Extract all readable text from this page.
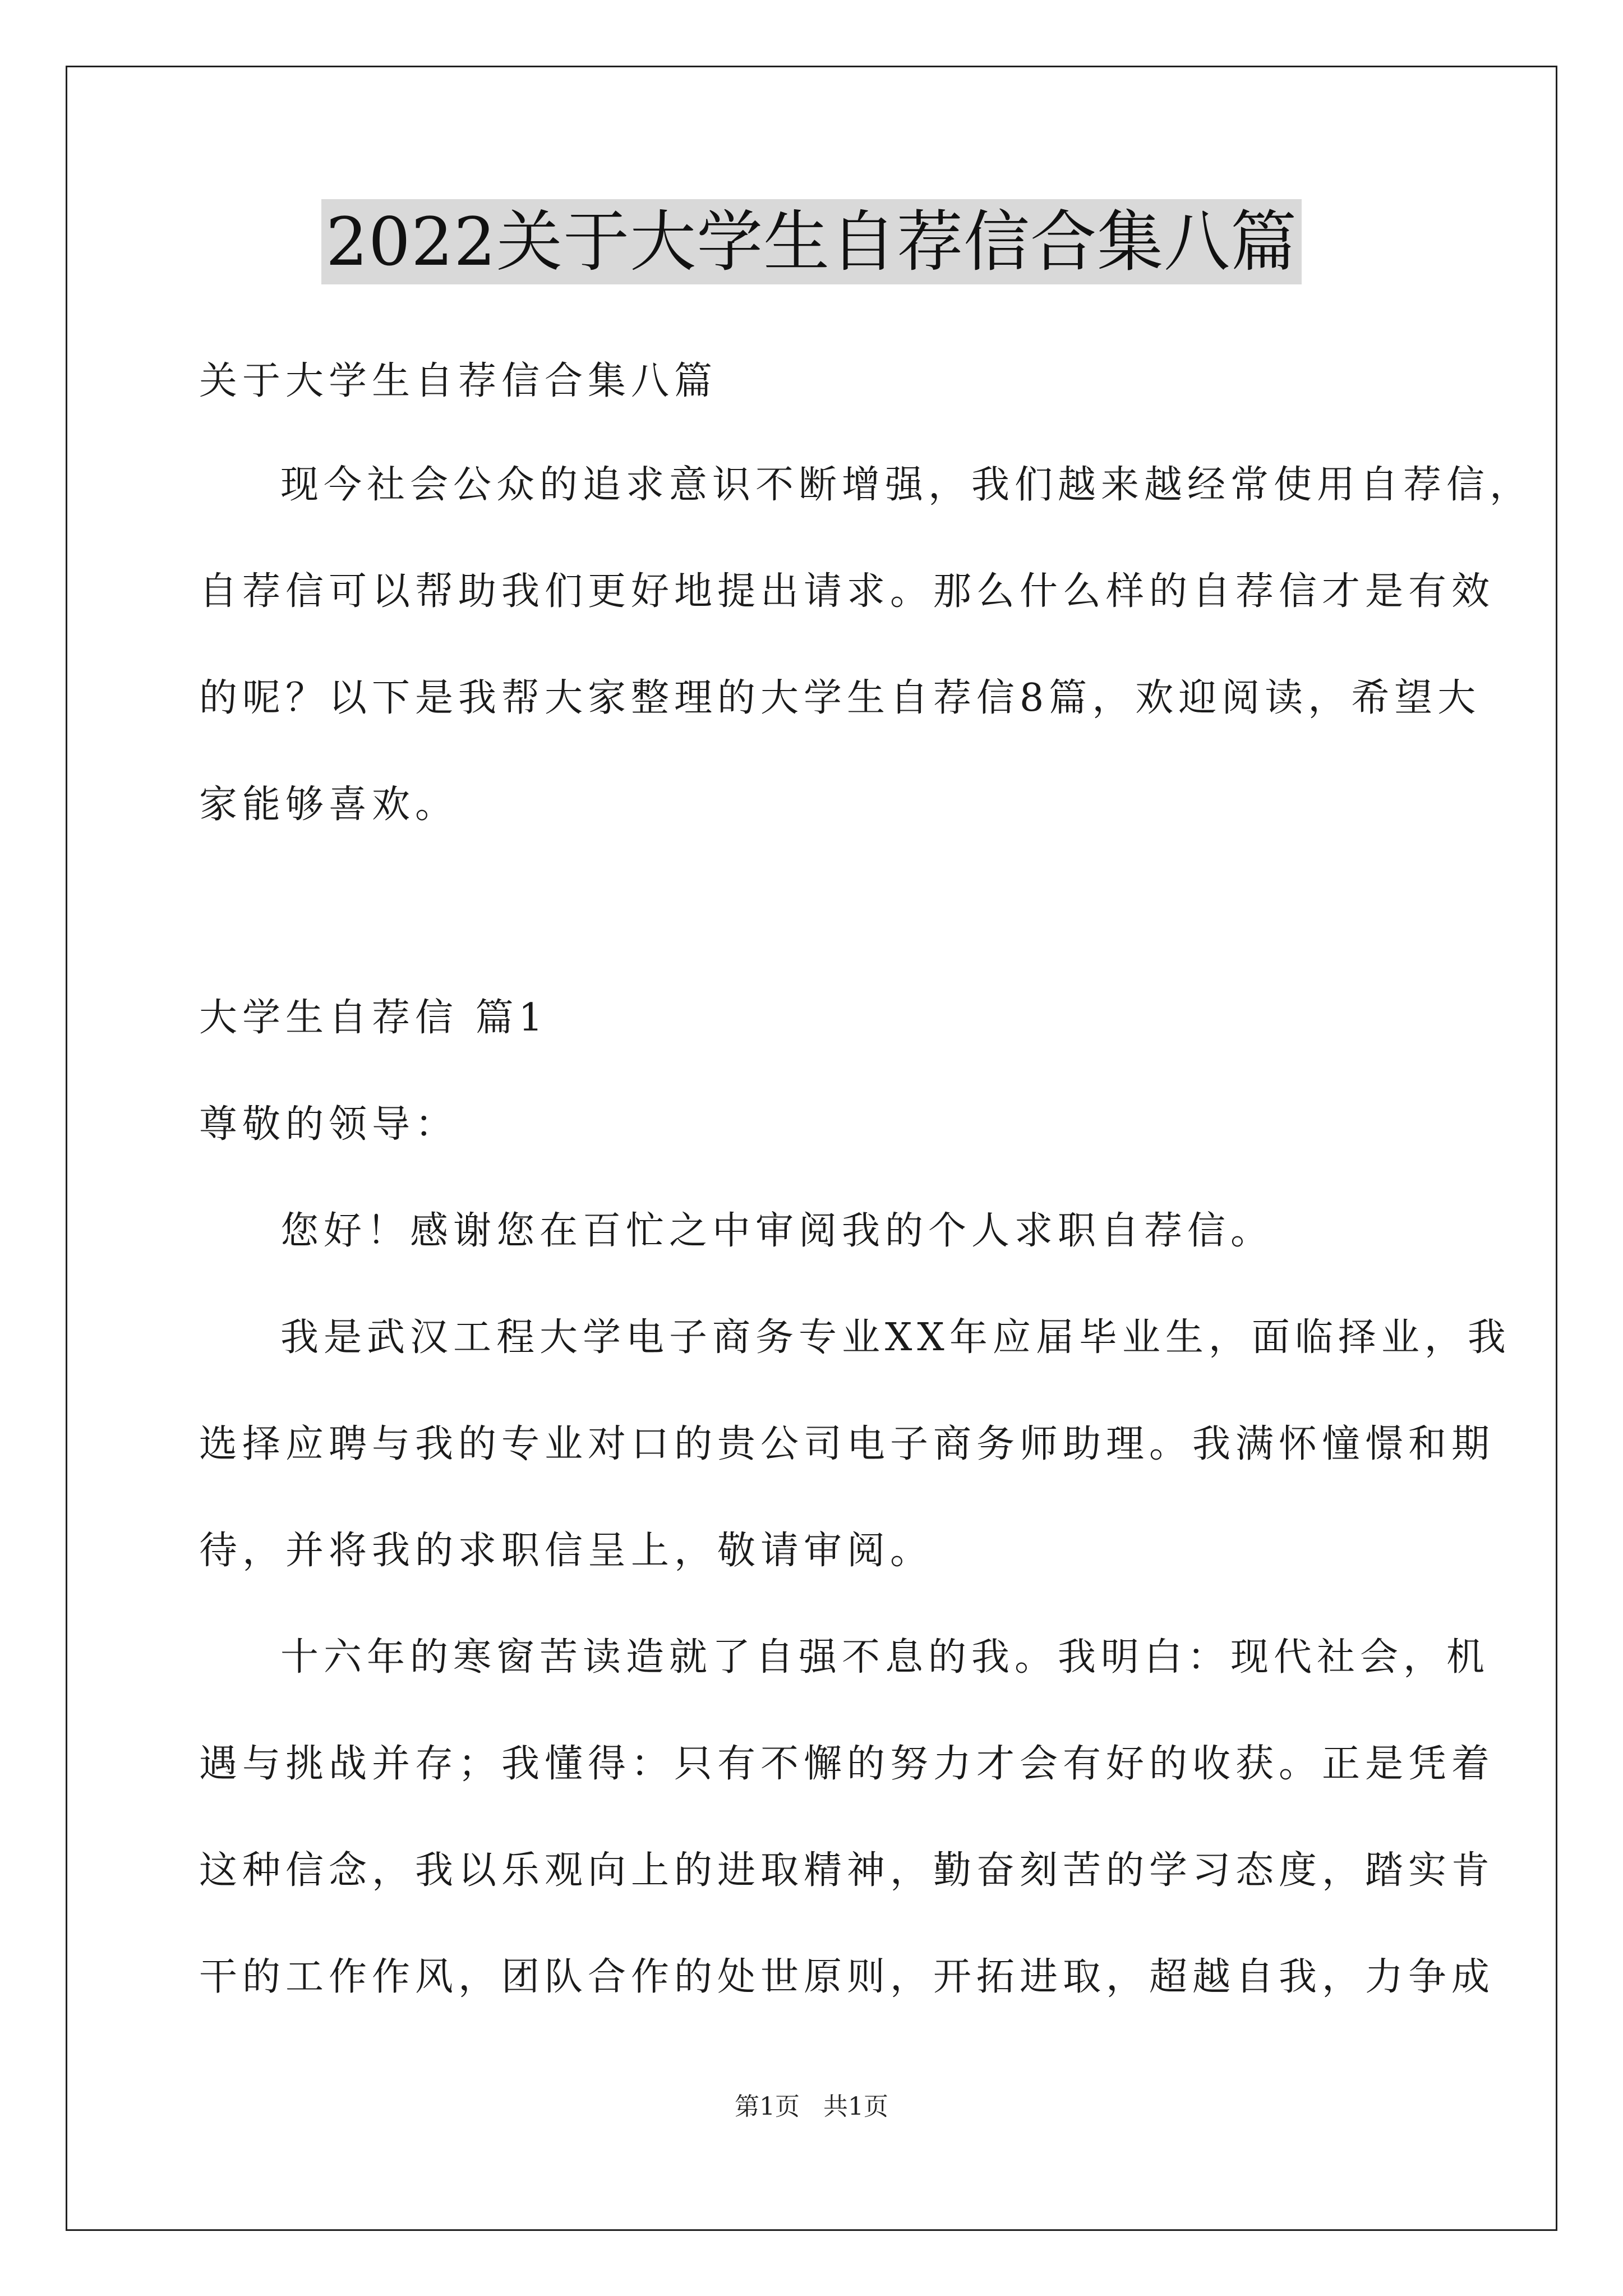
2022关于大学生自荐信合集八篇
关于大学生自荐信合集八篇
现今社会公众的追求意识不断增强，我们越来越经常使用自荐信，
自荐信可以帮助我们更好地提出请求。那么什么样的自荐信才是有效
的呢？以下是我帮大家整理的大学生自荐信8篇，欢迎阅读，希望大
家能够喜欢。
大学生自荐信 篇1
尊敬的领导：
您好！感谢您在百忙之中审阅我的个人求职自荐信。
我是武汉工程大学电子商务专业XX年应届毕业生，面临择业，我
选择应聘与我的专业对口的贵公司电子商务师助理。我满怀憧憬和期
待，并将我的求职信呈上，敬请审阅。
十六年的寒窗苦读造就了自强不息的我。我明白：现代社会，机
遇与挑战并存；我懂得：只有不懈的努力才会有好的收获。正是凭着
这种信念，我以乐观向上的进取精神，勤奋刻苦的学习态度，踏实肯
干的工作作风，团队合作的处世原则，开拓进取，超越自我，力争成
第1页   共1页
